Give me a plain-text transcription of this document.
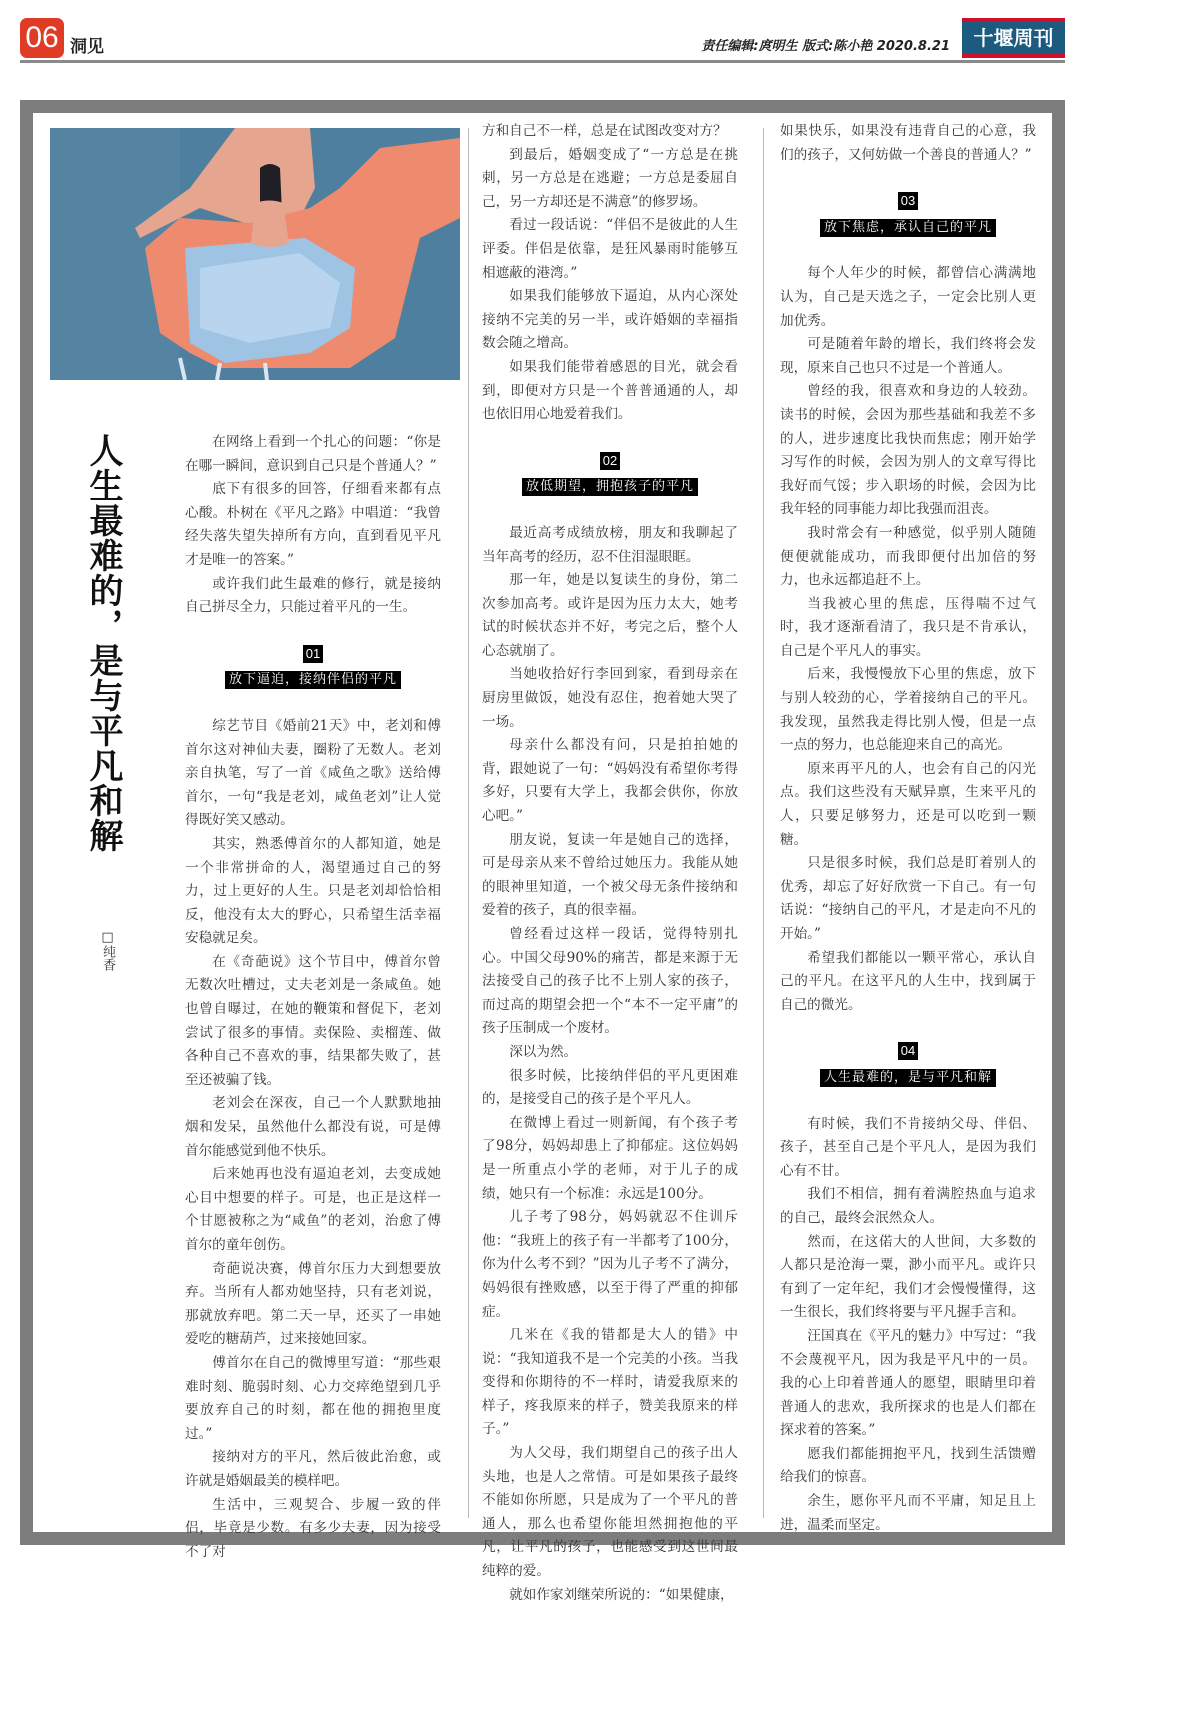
06 洞见	责任编辑:庹明生 版式:陈小艳 2020.8.21	十堰周刊
人生最难的，是与平凡和解
□纯香

在网络上看到一个扎心的问题：“你是在哪一瞬间，意识到自己只是个普通人？”

底下有很多的回答，仔细看来都有点心酸。朴树在《平凡之路》中唱道：“我曾经失落失望失掉所有方向，直到看见平凡才是唯一的答案。”

或许我们此生最难的修行，就是接纳自己拼尽全力，只能过着平凡的一生。

01
放下逼迫，接纳伴侣的平凡

综艺节目《婚前21天》中，老刘和傅首尔这对神仙夫妻，圈粉了无数人。老刘亲自执笔，写了一首《咸鱼之歌》送给傅首尔，一句“我是老刘，咸鱼老刘”让人觉得既好笑又感动。

其实，熟悉傅首尔的人都知道，她是一个非常拼命的人，渴望通过自己的努力，过上更好的人生。只是老刘却恰恰相反，他没有太大的野心，只希望生活幸福安稳就足矣。

在《奇葩说》这个节目中，傅首尔曾无数次吐槽过，丈夫老刘是一条咸鱼。她也曾自曝过，在她的鞭策和督促下，老刘尝试了很多的事情。卖保险、卖榴莲、做各种自己不喜欢的事，结果都失败了，甚至还被骗了钱。

老刘会在深夜，自己一个人默默地抽烟和发呆，虽然他什么都没有说，可是傅首尔能感觉到他不快乐。

后来她再也没有逼迫老刘，去变成她心目中想要的样子。可是，也正是这样一个甘愿被称之为“咸鱼”的老刘，治愈了傅首尔的童年创伤。

奇葩说决赛，傅首尔压力大到想要放弃。当所有人都劝她坚持，只有老刘说，那就放弃吧。第二天一早，还买了一串她爱吃的糖葫芦，过来接她回家。

傅首尔在自己的微博里写道：“那些艰难时刻、脆弱时刻、心力交瘁绝望到几乎要放弃自己的时刻，都在他的拥抱里度过。”

接纳对方的平凡，然后彼此治愈，或许就是婚姻最美的模样吧。

生活中，三观契合、步履一致的伴侣，毕竟是少数。有多少夫妻，因为接受不了对

方和自己不一样，总是在试图改变对方？

到最后，婚姻变成了“一方总是在挑刺，另一方总是在逃避；一方总是委屈自己，另一方却还是不满意”的修罗场。

看过一段话说：“伴侣不是彼此的人生评委。伴侣是依靠，是狂风暴雨时能够互相遮蔽的港湾。”

如果我们能够放下逼迫，从内心深处接纳不完美的另一半，或许婚姻的幸福指数会随之增高。

如果我们能带着感恩的目光，就会看到，即便对方只是一个普普通通的人，却也依旧用心地爱着我们。

02
放低期望，拥抱孩子的平凡

最近高考成绩放榜，朋友和我聊起了当年高考的经历，忍不住泪湿眼眶。

那一年，她是以复读生的身份，第二次参加高考。或许是因为压力太大，她考试的时候状态并不好，考完之后，整个人心态就崩了。

当她收拾好行李回到家，看到母亲在厨房里做饭，她没有忍住，抱着她大哭了一场。

母亲什么都没有问，只是拍拍她的背，跟她说了一句：“妈妈没有希望你考得多好，只要有大学上，我都会供你，你放心吧。”

朋友说，复读一年是她自己的选择，可是母亲从来不曾给过她压力。我能从她的眼神里知道，一个被父母无条件接纳和爱着的孩子，真的很幸福。

曾经看过这样一段话，觉得特别扎心。中国父母90%的痛苦，都是来源于无法接受自己的孩子比不上别人家的孩子，而过高的期望会把一个“本不一定平庸”的孩子压制成一个废材。

深以为然。

很多时候，比接纳伴侣的平凡更困难的，是接受自己的孩子是个平凡人。

在微博上看过一则新闻，有个孩子考了98分，妈妈却患上了抑郁症。这位妈妈是一所重点小学的老师，对于儿子的成绩，她只有一个标准：永远是100分。

儿子考了98分，妈妈就忍不住训斥他：“我班上的孩子有一半都考了100分，你为什么考不到？”因为儿子考不了满分，妈妈很有挫败感，以至于得了严重的抑郁症。

几米在《我的错都是大人的错》中说：“我知道我不是一个完美的小孩。当我变得和你期待的不一样时，请爱我原来的样子，疼我原来的样子，赞美我原来的样子。”

为人父母，我们期望自己的孩子出人头地，也是人之常情。可是如果孩子最终不能如你所愿，只是成为了一个平凡的普通人，那么也希望你能坦然拥抱他的平凡，让平凡的孩子，也能感受到这世间最纯粹的爱。

就如作家刘继荣所说的：“如果健康，

如果快乐，如果没有违背自己的心意，我们的孩子，又何妨做一个善良的普通人？”

03
放下焦虑，承认自己的平凡

每个人年少的时候，都曾信心满满地认为，自己是天选之子，一定会比别人更加优秀。

可是随着年龄的增长，我们终将会发现，原来自己也只不过是一个普通人。

曾经的我，很喜欢和身边的人较劲。读书的时候，会因为那些基础和我差不多的人，进步速度比我快而焦虑；刚开始学习写作的时候，会因为别人的文章写得比我好而气馁；步入职场的时候，会因为比我年轻的同事能力却比我强而沮丧。

我时常会有一种感觉，似乎别人随随便便就能成功，而我即便付出加倍的努力，也永远都追赶不上。

当我被心里的焦虑，压得喘不过气时，我才逐渐看清了，我只是不肯承认，自己是个平凡人的事实。

后来，我慢慢放下心里的焦虑，放下与别人较劲的心，学着接纳自己的平凡。我发现，虽然我走得比别人慢，但是一点一点的努力，也总能迎来自己的高光。

原来再平凡的人，也会有自己的闪光点。我们这些没有天赋异禀，生来平凡的人，只要足够努力，还是可以吃到一颗糖。

只是很多时候，我们总是盯着别人的优秀，却忘了好好欣赏一下自己。有一句话说：“接纳自己的平凡，才是走向不凡的开始。”

希望我们都能以一颗平常心，承认自己的平凡。在这平凡的人生中，找到属于自己的微光。

04
人生最难的，是与平凡和解

有时候，我们不肯接纳父母、伴侣、孩子，甚至自己是个平凡人，是因为我们心有不甘。

我们不相信，拥有着满腔热血与追求的自己，最终会泯然众人。

然而，在这偌大的人世间，大多数的人都只是沧海一粟，渺小而平凡。或许只有到了一定年纪，我们才会慢慢懂得，这一生很长，我们终将要与平凡握手言和。

汪国真在《平凡的魅力》中写过：“我不会蔑视平凡，因为我是平凡中的一员。我的心上印着普通人的愿望，眼睛里印着普通人的悲欢，我所探求的也是人们都在探求着的答案。”

愿我们都能拥抱平凡，找到生活馈赠给我们的惊喜。

余生，愿你平凡而不平庸，知足且上进，温柔而坚定。
